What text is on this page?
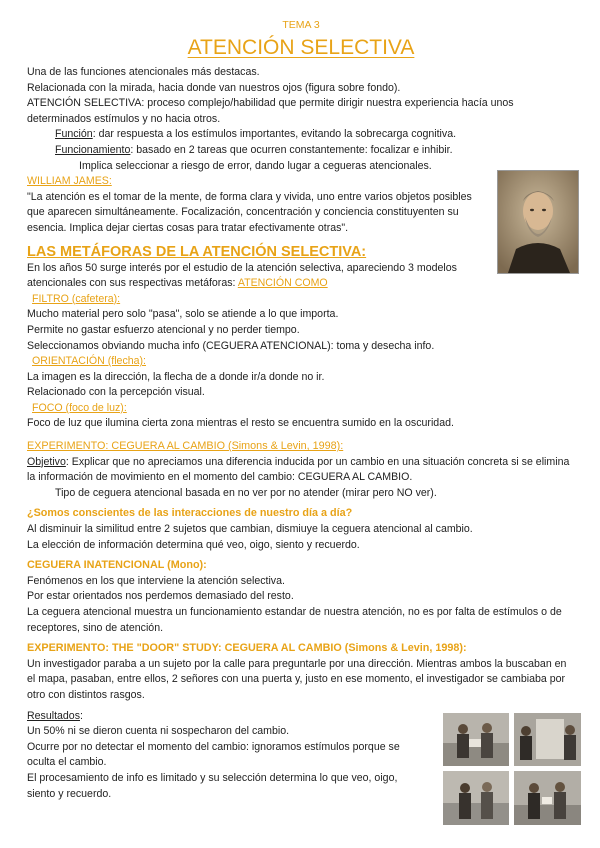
TEMA 3
ATENCIÓN SELECTIVA

Una de las funciones atencionales más destacas.

Relacionada con la mirada, hacia donde van nuestros ojos (figura sobre fondo).

ATENCIÓN SELECTIVA: proceso complejo/habilidad que permite dirigir nuestra experiencia hacía unos determinados estímulos y no hacia otros.

Función: dar respuesta a los estímulos importantes, evitando la sobrecarga cognitiva.

Funcionamiento: basado en 2 tareas que ocurren constantemente: focalizar e inhibir.

Implica seleccionar a riesgo de error, dando lugar a cegueras atencionales.

WILLIAM JAMES:

"La atención es el tomar de la mente, de forma clara y vivida, uno entre varios objetos posibles que aparecen simultáneamente. Focalización, concentración y conciencia constituyenten su esencia. Implica dejar ciertas cosas para tratar efectivamente otras".

LAS METÁFORAS DE LA ATENCIÓN SELECTIVA:

En los años 50 surge interés por el estudio de la atención selectiva, apareciendo 3 modelos atencionales con sus respectivas metáforas: ATENCIÓN COMO

FILTRO (cafetera):

Mucho material pero solo "pasa", solo se atiende a lo que importa.

Permite no gastar esfuerzo atencional y no perder tiempo.

Seleccionamos obviando mucha info (CEGUERA ATENCIONAL): toma y desecha info.

ORIENTACIÓN (flecha):

La imagen es la dirección, la flecha de a donde ir/a donde no ir.

Relacionado con la percepción visual.

FOCO (foco de luz):

Foco de luz que ilumina cierta zona mientras el resto se encuentra sumido en la oscuridad.

EXPERIMENTO: CEGUERA AL CAMBIO (Simons & Levin, 1998):

Objetivo: Explicar que no apreciamos una diferencia inducida por un cambio en una situación concreta si se elimina la información de movimiento en el momento del cambio: CEGUERA AL CAMBIO.

Tipo de ceguera atencional basada en no ver por no atender (mirar pero NO ver).

¿Somos conscientes de las interacciones de nuestro día a día?

Al disminuir la similitud entre 2 sujetos que cambian, dismiuye la ceguera atencional al cambio.

La elección de información determina qué veo, oigo, siento y recuerdo.

CEGUERA INATENCIONAL (Mono):

Fenómenos en los que interviene la atención selectiva.

Por estar orientados nos perdemos demasiado del resto.

La ceguera atencional muestra un funcionamiento estandar de nuestra atención, no es por falta de estímulos o de receptores, sino de atención.

EXPERIMENTO: THE "DOOR" STUDY: CEGUERA AL CAMBIO (Simons & Levin, 1998):

Un investigador paraba a un sujeto por la calle para preguntarle por una dirección. Mientras ambos la buscaban en el mapa, pasaban, entre ellos, 2 señores con una puerta y, justo en ese momento, el investigador se cambiaba por otro con distintos rasgos.

Resultados:

Un 50% ni se dieron cuenta ni sospecharon del cambio.

Ocurre por no detectar el momento del cambio: ignoramos estímulos porque se oculta el cambio.

El procesamiento de info es limitado y su selección determina lo que veo, oigo, siento y recuerdo.
